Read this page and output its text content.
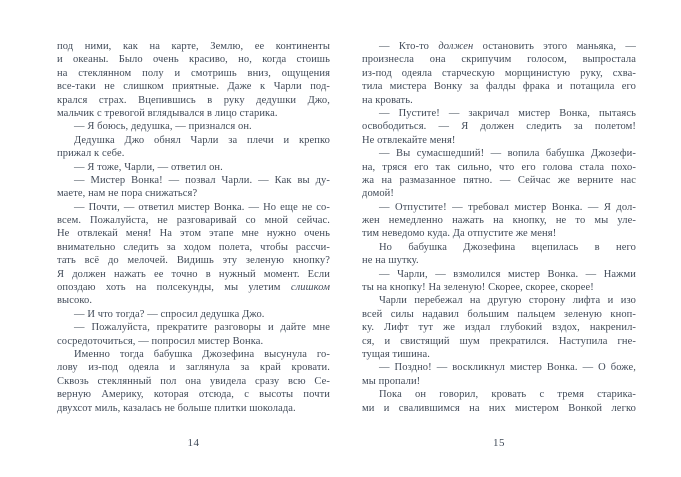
под ними, как на карте, Землю, ее континенты
и океаны. Было очень красиво, но, когда стоишь
на стеклянном полу и смотришь вниз, ощущения
все-таки не слишком приятные. Даже к Чарли под-
крался страх. Вцепившись в руку дедушки Джо,
мальчик с тревогой вглядывался в лицо старика.
— Я боюсь, дедушка, — признался он.
Дедушка Джо обнял Чарли за плечи и крепко
прижал к себе.
— Я тоже, Чарли, — ответил он.
— Мистер Вонка! — позвал Чарли. — Как вы ду-
маете, нам не пора снижаться?
— Почти, — ответил мистер Вонка. — Но еще не со-
всем. Пожалуйста, не разговаривай со мной сейчас.
Не отвлекай меня! На этом этапе мне нужно очень
внимательно следить за ходом полета, чтобы рассчи-
тать всё до мелочей. Видишь эту зеленую кнопку?
Я должен нажать ее точно в нужный момент. Если
опоздаю хоть на полсекунды, мы улетим слишком
высоко.
— И что тогда? — спросил дедушка Джо.
— Пожалуйста, прекратите разговоры и дайте мне
сосредоточиться, — попросил мистер Вонка.
Именно тогда бабушка Джозефина высунула го-
лову из-под одеяла и заглянула за край кровати.
Сквозь стеклянный пол она увидела сразу всю Се-
верную Америку, которая отсюда, с высоты почти
двухсот миль, казалась не больше плитки шоколада.
14
— Кто-то должен остановить этого маньяка, —
произнесла она скрипучим голосом, выпростала
из-под одеяла старческую морщинистую руку, схва-
тила мистера Вонку за фалды фрака и потащила его
на кровать.
— Пустите! — закричал мистер Вонка, пытаясь
освободиться. — Я должен следить за полетом!
Не отвлекайте меня!
— Вы сумасшедший! — вопила бабушка Джозефи-
на, тряся его так сильно, что его голова стала похо-
жа на размазанное пятно. — Сейчас же верните нас
домой!
— Отпустите! — требовал мистер Вонка. — Я дол-
жен немедленно нажать на кнопку, не то мы уле-
тим неведомо куда. Да отпустите же меня!
Но бабушка Джозефина вцепилась в него
не на шутку.
— Чарли, — взмолился мистер Вонка. — Нажми
ты на кнопку! На зеленую! Скорее, скорее, скорее!
Чарли перебежал на другую сторону лифта и изо
всей силы надавил большим пальцем зеленую кноп-
ку. Лифт тут же издал глубокий вздох, накренил-
ся, и свистящий шум прекратился. Наступила гне-
тущая тишина.
— Поздно! — воскликнул мистер Вонка. — О боже,
мы пропали!
Пока он говорил, кровать с тремя старика-
ми и свалившимся на них мистером Вонкой легко
15
